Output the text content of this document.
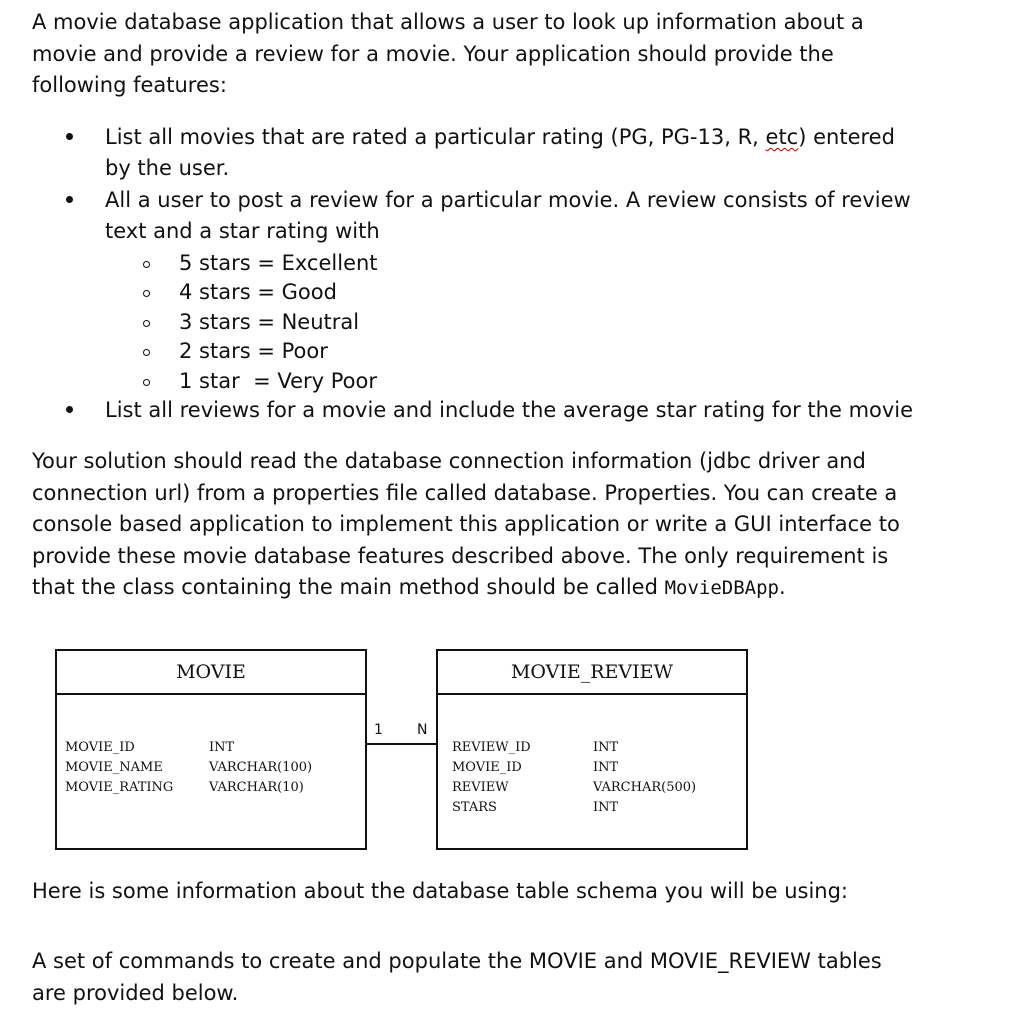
A movie database application that allows a user to look up information about a
movie and provide a review for a movie. Your application should provide the
following features:
List all movies that are rated a particular rating (PG, PG-13, R, etc) entered
by the user.
All a user to post a review for a particular movie. A review consists of review
text and a star rating with
5 stars = Excellent
4 stars = Good
3 stars = Neutral
2 stars = Poor
1 star  = Very Poor
List all reviews for a movie and include the average star rating for the movie
Your solution should read the database connection information (jdbc driver and
connection url) from a properties file called database. Properties. You can create a
console based application to implement this application or write a GUI interface to
provide these movie database features described above. The only requirement is
that the class containing the main method should be called MovieDBApp.
MOVIE
MOVIE_ID	INT
MOVIE_NAME	VARCHAR(100)
MOVIE_RATING	VARCHAR(10)
1 N
MOVIE_REVIEW
REVIEW_ID	INT
MOVIE_ID	INT
REVIEW	VARCHAR(500)
STARS	INT
Here is some information about the database table schema you will be using:
A set of commands to create and populate the MOVIE and MOVIE_REVIEW tables
are provided below.
